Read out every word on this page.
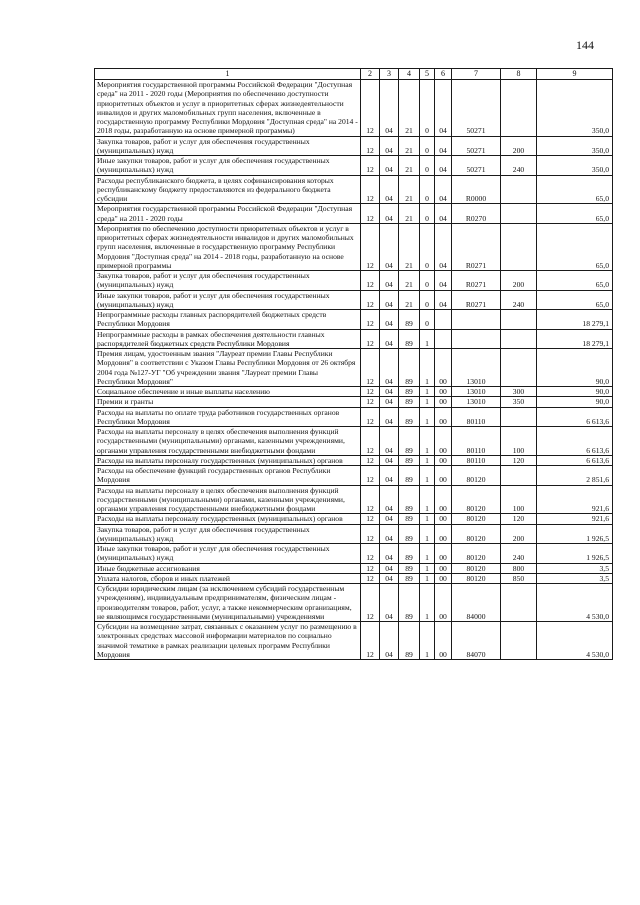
144
1	2	3	4	5	6	7	8	9
Мероприятия государственной программы Российской Федерации "Доступная среда" на 2011 - 2020 годы (Мероприятия по обеспечению доступности приоритетных объектов и услуг в приоритетных сферах жизнедеятельности инвалидов и других маломобильных групп населения, включенные в государственную программу Республики Мордовия "Доступная среда" на 2014 - 2018 годы, разработанную на основе примерной программы)	12	04	21	0	04	50271		350,0
Закупка товаров, работ и услуг для обеспечения государственных (муниципальных) нужд	12	04	21	0	04	50271	200	350,0
Иные закупки товаров, работ и услуг для обеспечения государственных (муниципальных) нужд	12	04	21	0	04	50271	240	350,0
Расходы республиканского бюджета, в целях софинансирования которых республиканскому бюджету предоставляются из федерального бюджета субсидии	12	04	21	0	04	R0000		65,0
Мероприятия государственной программы Российской Федерации "Доступная среда" на 2011 - 2020 годы	12	04	21	0	04	R0270		65,0
Мероприятия по обеспечению доступности приоритетных объектов и услуг в приоритетных сферах жизнедеятельности инвалидов и других маломобильных групп населения, включенные в государственную программу Республики Мордовия "Доступная среда" на 2014 - 2018 годы, разработанную на основе примерной программы	12	04	21	0	04	R0271		65,0
Закупка товаров, работ и услуг для обеспечения государственных (муниципальных) нужд	12	04	21	0	04	R0271	200	65,0
Иные закупки товаров, работ и услуг для обеспечения государственных (муниципальных) нужд	12	04	21	0	04	R0271	240	65,0
Непрограммные расходы главных распорядителей бюджетных средств Республики Мордовия	12	04	89	0				18 279,1
Непрограммные расходы в рамках обеспечения деятельности главных распорядителей бюджетных средств Республики Мордовия	12	04	89	1				18 279,1
Премия лицам, удостоенным звания "Лауреат премии Главы Республики Мордовия" в соответствии с Указом Главы Республики Мордовия от 26 октября 2004 года №127-УГ "Об учреждении звания "Лауреат премии Главы Республики Мордовия"	12	04	89	1	00	13010		90,0
Социальное обеспечение и иные выплаты населению	12	04	89	1	00	13010	300	90,0
Премии и гранты	12	04	89	1	00	13010	350	90,0
Расходы на выплаты по оплате труда работников государственных органов Республики Мордовия	12	04	89	1	00	80110		6 613,6
Расходы на выплаты персоналу в целях обеспечения выполнения функций государственными (муниципальными) органами, казенными учреждениями, органами управления государственными внебюджетными фондами	12	04	89	1	00	80110	100	6 613,6
Расходы на выплаты персоналу государственных (муниципальных) органов	12	04	89	1	00	80110	120	6 613,6
Расходы на обеспечение функций государственных органов Республики Мордовия	12	04	89	1	00	80120		2 851,6
Расходы на выплаты персоналу в целях обеспечения выполнения функций государственными (муниципальными) органами, казенными учреждениями, органами управления государственными внебюджетными фондами	12	04	89	1	00	80120	100	921,6
Расходы на выплаты персоналу государственных (муниципальных) органов	12	04	89	1	00	80120	120	921,6
Закупка товаров, работ и услуг для обеспечения государственных (муниципальных) нужд	12	04	89	1	00	80120	200	1 926,5
Иные закупки товаров, работ и услуг для обеспечения государственных (муниципальных) нужд	12	04	89	1	00	80120	240	1 926,5
Иные бюджетные ассигнования	12	04	89	1	00	80120	800	3,5
Уплата налогов, сборов и иных платежей	12	04	89	1	00	80120	850	3,5
Субсидии юридическим лицам (за исключением субсидий государственным учреждениям), индивидуальным предпринимателям, физическим лицам - производителям товаров, работ, услуг, а также некоммерческим организациям, не являющимся государственными (муниципальными) учреждениями	12	04	89	1	00	84000		4 530,0
Субсидии на возмещение затрат, связанных с оказанием услуг по размещению в электронных средствах массовой информации материалов по социально значимой тематике в рамках реализации целевых программ Республики Мордовия	12	04	89	1	00	84070		4 530,0
